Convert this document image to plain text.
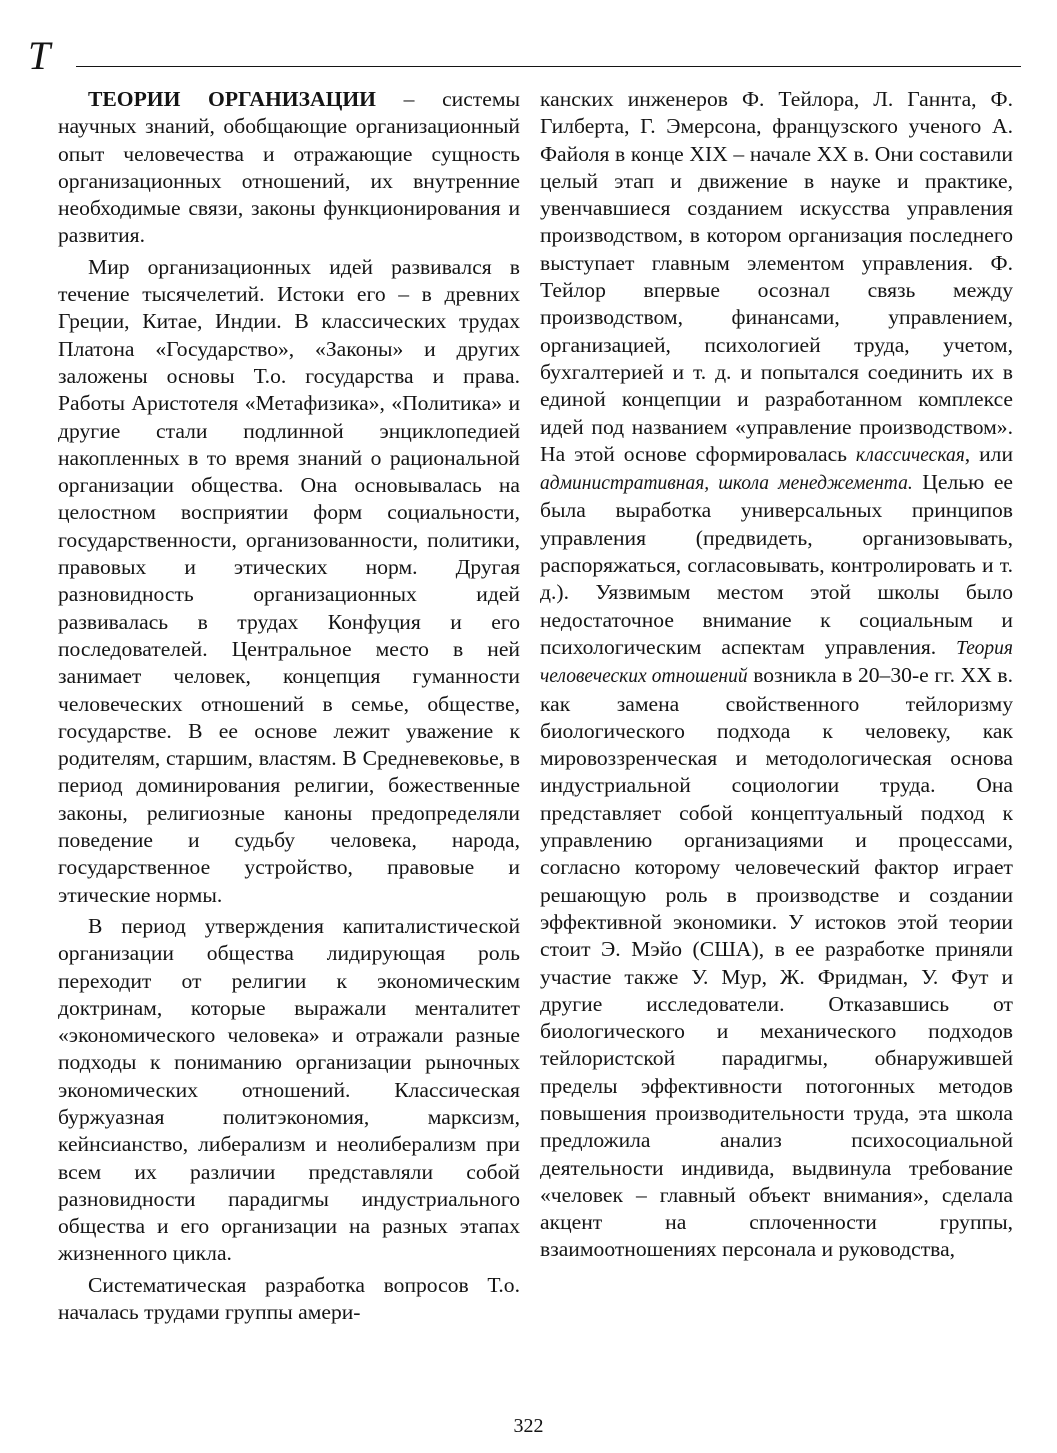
Т

ТЕОРИИ ОРГАНИЗАЦИИ – системы научных знаний, обобщающие организационный опыт человечества и отражающие сущность организационных отношений, их внутренние необходимые связи, законы функционирования и развития.

Мир организационных идей развивался в течение тысячелетий. Истоки его – в древних Греции, Китае, Индии. В классических трудах Платона «Государство», «Законы» и других заложены основы Т.о. государства и права. Работы Аристотеля «Метафизика», «Политика» и другие стали подлинной энциклопедией накопленных в то время знаний о рациональной организации общества. Она основывалась на целостном восприятии форм социальности, государственности, организованности, политики, правовых и этических норм. Другая разновидность организационных идей развивалась в трудах Конфуция и его последователей. Центральное место в ней занимает человек, концепция гуманности человеческих отношений в семье, обществе, государстве. В ее основе лежит уважение к родителям, старшим, властям. В Средневековье, в период доминирования религии, божественные законы, религиозные каноны предопределяли поведение и судьбу человека, народа, государственное устройство, правовые и этические нормы.

В период утверждения капиталистической организации общества лидирующая роль переходит от религии к экономическим доктринам, которые выражали менталитет «экономического человека» и отражали разные подходы к пониманию организации рыночных экономических отношений. Классическая буржуазная политэкономия, марксизм, кейнсианство, либерализм и неолиберализм при всем их различии представляли собой разновидности парадигмы индустриального общества и его организации на разных этапах жизненного цикла.

Систематическая разработка вопросов Т.о. началась трудами группы амери-

канских инженеров Ф. Тейлора, Л. Ганнта, Ф. Гилберта, Г. Эмерсона, французского ученого А. Файоля в конце XIX – начале XX в. Они составили целый этап и движение в науке и практике, увенчавшиеся созданием искусства управления производством, в котором организация последнего выступает главным элементом управления. Ф. Тейлор впервые осознал связь между производством, финансами, управлением, организацией, психологией труда, учетом, бухгалтерией и т. д. и попытался соединить их в единой концепции и разработанном комплексе идей под названием «управление производством». На этой основе сформировалась классическая, или административная, школа менеджемента. Целью ее была выработка универсальных принципов управления (предвидеть, организовывать, распоряжаться, согласовывать, контролировать и т. д.). Уязвимым местом этой школы было недостаточное внимание к социальным и психологическим аспектам управления. Теория человеческих отношений возникла в 20–30-е гг. XX в. как замена свойственного тейлоризму биологического подхода к человеку, как мировоззренческая и методологическая основа индустриальной социологии труда. Она представляет собой концептуальный подход к управлению организациями и процессами, согласно которому человеческий фактор играет решающую роль в производстве и создании эффективной экономики. У истоков этой теории стоит Э. Мэйо (США), в ее разработке приняли участие также У. Мур, Ж. Фридман, У. Фут и другие исследователи. Отказавшись от биологического и механического подходов тейлористской парадигмы, обнаружившей пределы эффективности потогонных методов повышения производительности труда, эта школа предложила анализ психосоциальной деятельности индивида, выдвинула требование «человек – главный объект внимания», сделала акцент на сплоченности группы, взаимоотношениях персонала и руководства,

322
